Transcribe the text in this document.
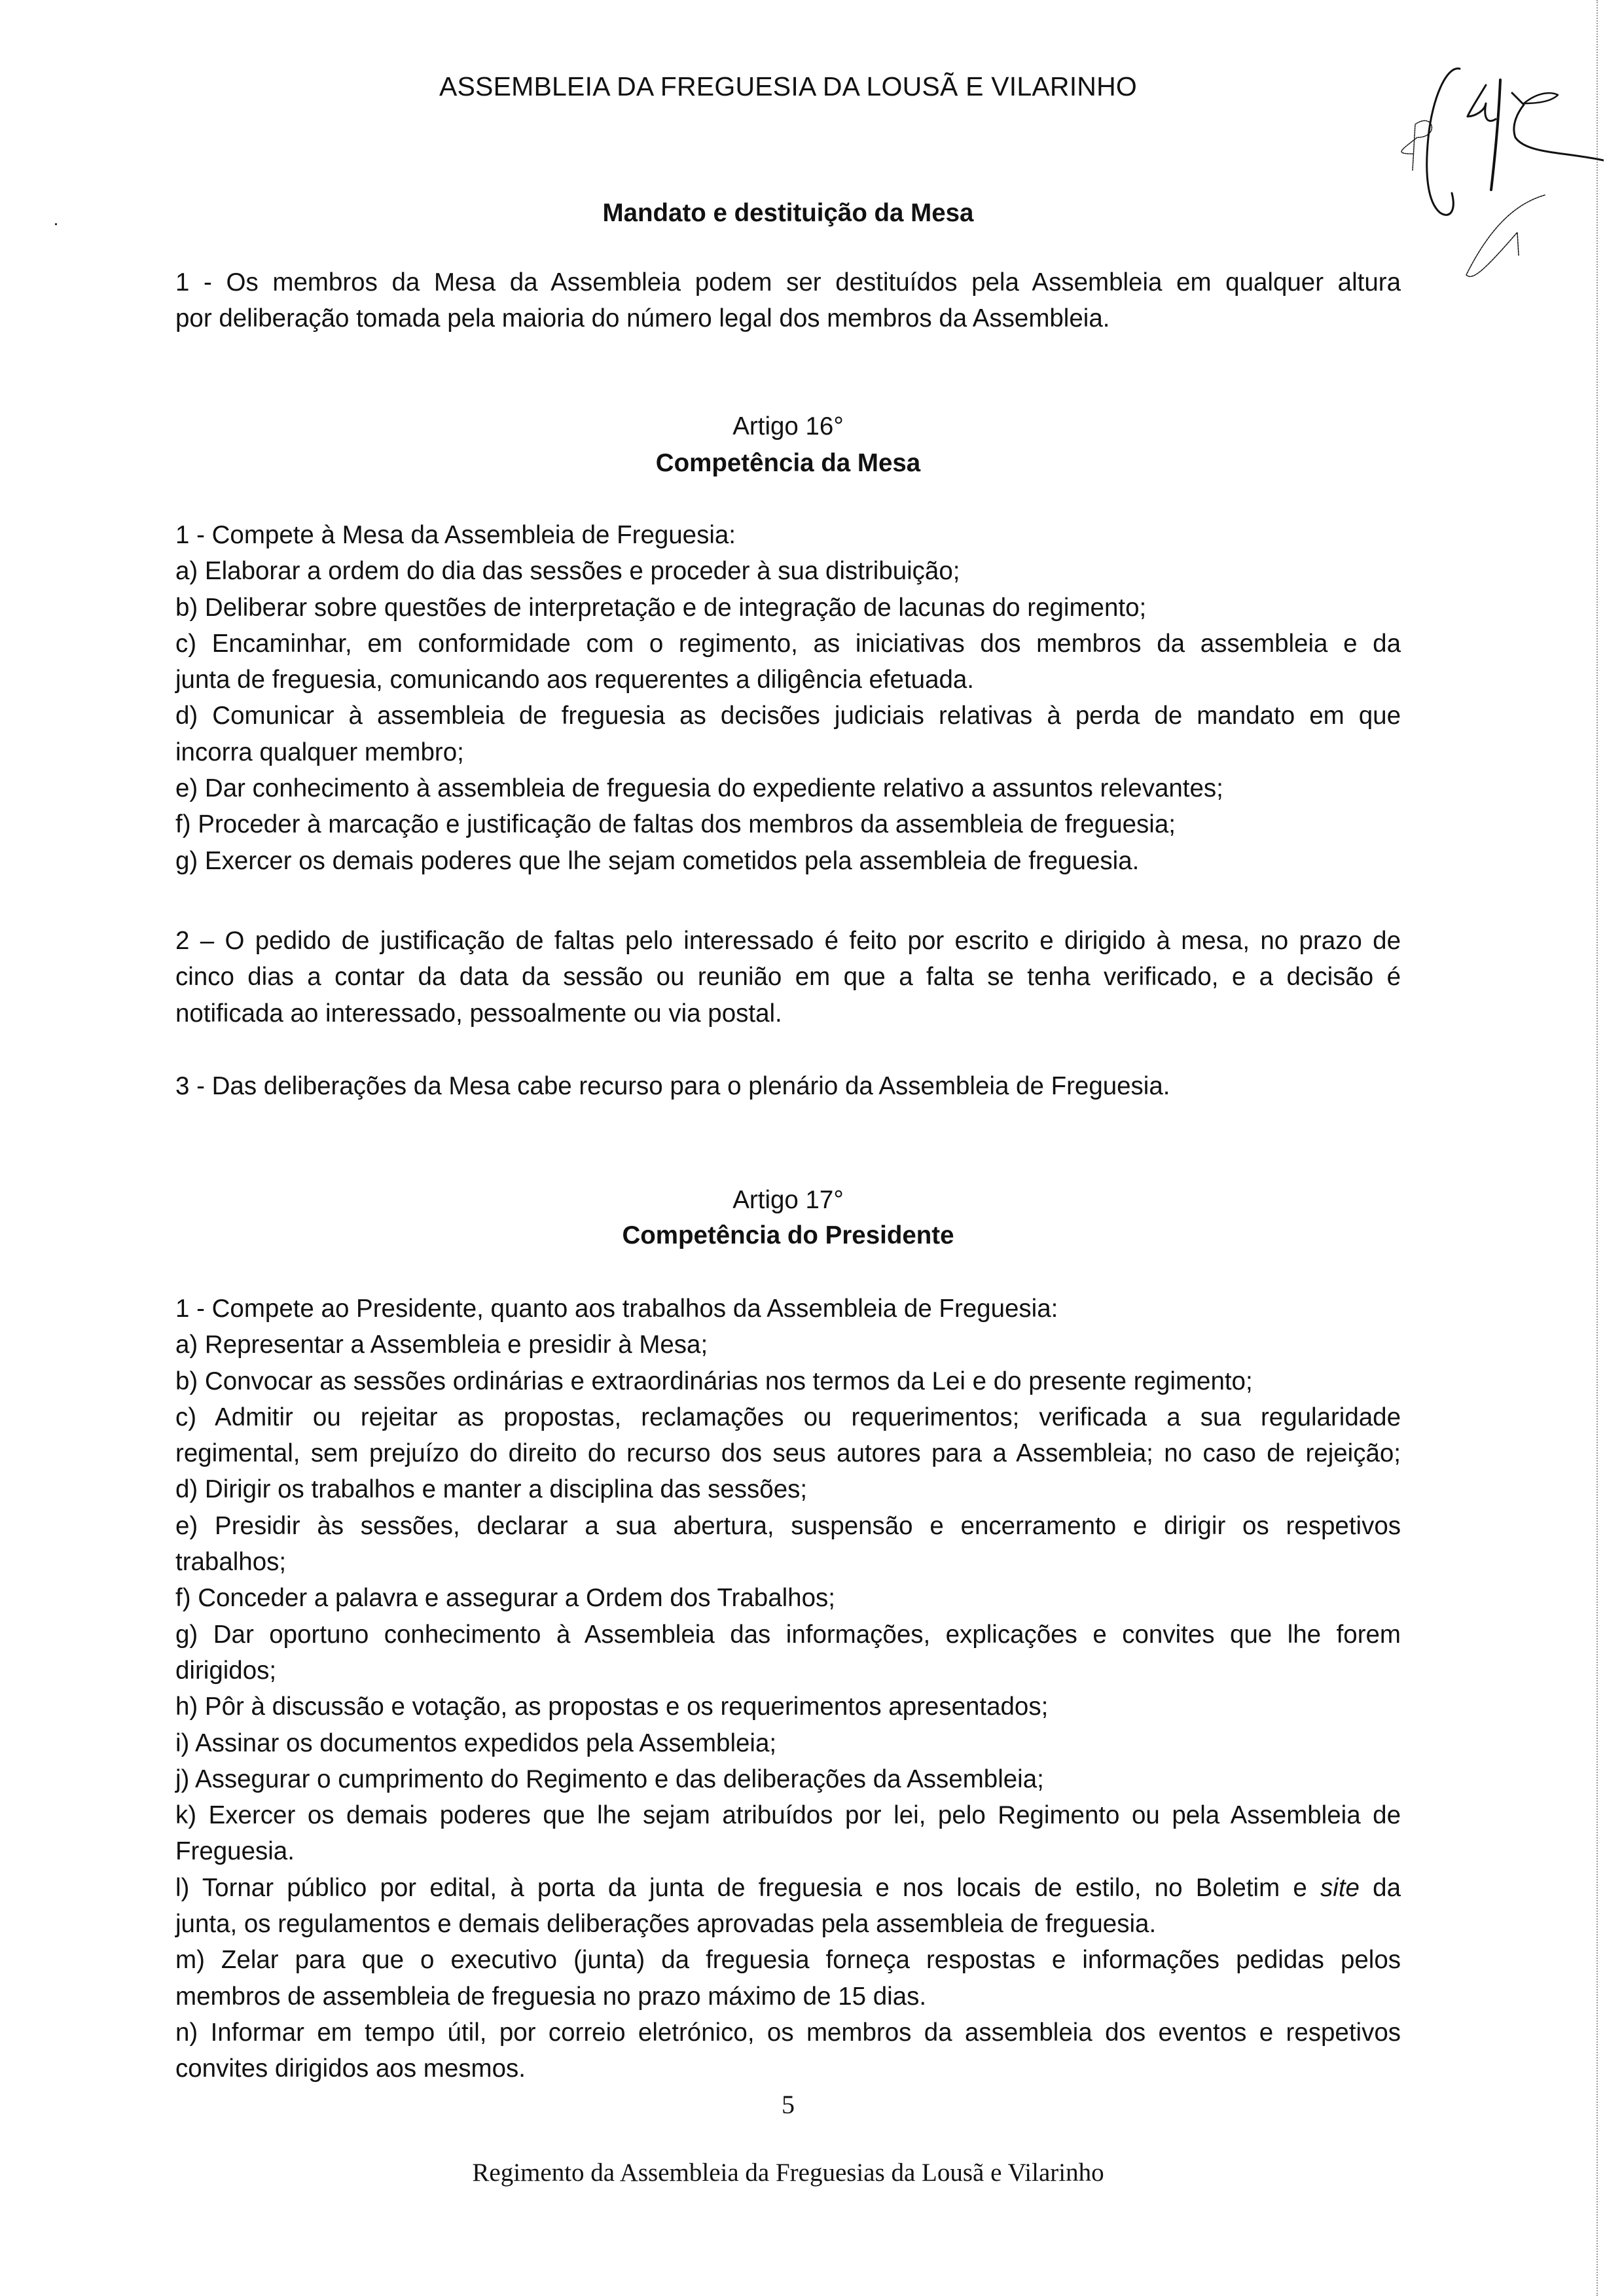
ASSEMBLEIA DA FREGUESIA DA LOUSÃ E VILARINHO
Mandato e destituição da Mesa
1 - Os membros da Mesa da Assembleia podem ser destituídos pela Assembleia em qualquer altura
por deliberação tomada pela maioria do número legal dos membros da Assembleia.
Artigo 16°
Competência da Mesa
1 - Compete à Mesa da Assembleia de Freguesia:
a) Elaborar a ordem do dia das sessões e proceder à sua distribuição;
b) Deliberar sobre questões de interpretação e de integração de lacunas do regimento;
c) Encaminhar, em conformidade com o regimento, as iniciativas dos membros da assembleia e da
junta de freguesia, comunicando aos requerentes a diligência efetuada.
d) Comunicar à assembleia de freguesia as decisões judiciais relativas à perda de mandato em que
incorra qualquer membro;
e) Dar conhecimento à assembleia de freguesia do expediente relativo a assuntos relevantes;
f) Proceder à marcação e justificação de faltas dos membros da assembleia de freguesia;
g) Exercer os demais poderes que lhe sejam cometidos pela assembleia de freguesia.
2 – O pedido de justificação de faltas pelo interessado é feito por escrito e dirigido à mesa, no prazo de
cinco dias a contar da data da sessão ou reunião em que a falta se tenha verificado, e a decisão é
notificada ao interessado, pessoalmente ou via postal.
3 - Das deliberações da Mesa cabe recurso para o plenário da Assembleia de Freguesia.
Artigo 17°
Competência do Presidente
1 - Compete ao Presidente, quanto aos trabalhos da Assembleia de Freguesia:
a) Representar a Assembleia e presidir à Mesa;
b) Convocar as sessões ordinárias e extraordinárias nos termos da Lei e do presente regimento;
c) Admitir ou rejeitar as propostas, reclamações ou requerimentos; verificada a sua regularidade
regimental, sem prejuízo do direito do recurso dos seus autores para a Assembleia; no caso de rejeição;
d) Dirigir os trabalhos e manter a disciplina das sessões;
e) Presidir às sessões, declarar a sua abertura, suspensão e encerramento e dirigir os respetivos
trabalhos;
f) Conceder a palavra e assegurar a Ordem dos Trabalhos;
g) Dar oportuno conhecimento à Assembleia das informações, explicações e convites que lhe forem
dirigidos;
h) Pôr à discussão e votação, as propostas e os requerimentos apresentados;
i) Assinar os documentos expedidos pela Assembleia;
j) Assegurar o cumprimento do Regimento e das deliberações da Assembleia;
k) Exercer os demais poderes que lhe sejam atribuídos por lei, pelo Regimento ou pela Assembleia de
Freguesia.
l) Tornar público por edital, à porta da junta de freguesia e nos locais de estilo, no Boletim e site da
junta, os regulamentos e demais deliberações aprovadas pela assembleia de freguesia.
m) Zelar para que o executivo (junta) da freguesia forneça respostas e informações pedidas pelos
membros de assembleia de freguesia no prazo máximo de 15 dias.
n) Informar em tempo útil, por correio eletrónico, os membros da assembleia dos eventos e respetivos
convites dirigidos aos mesmos.
5
Regimento da Assembleia da Freguesias da Lousã e Vilarinho
